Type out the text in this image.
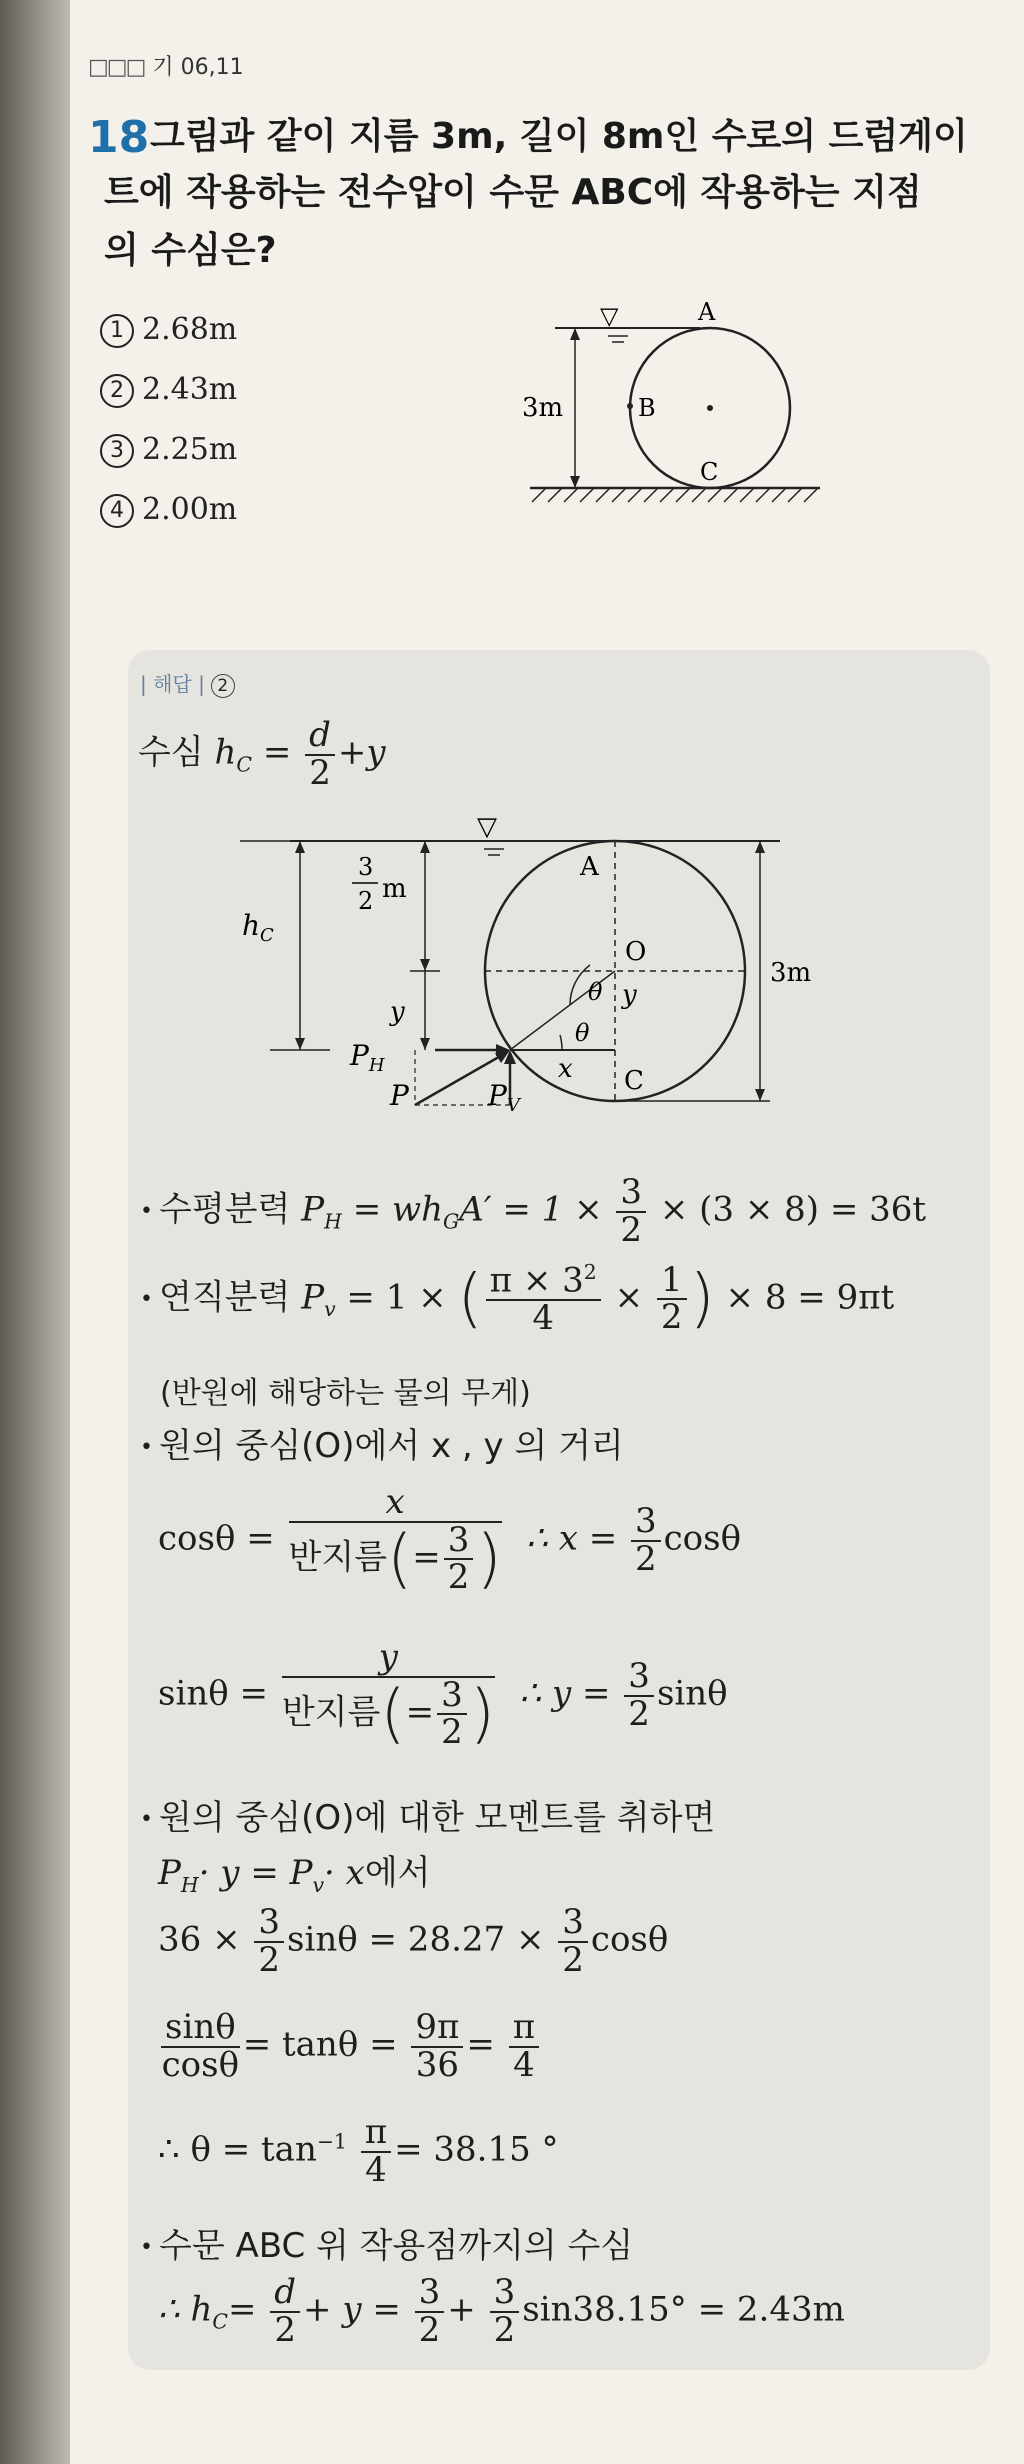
□□□ 기 06,11
18 그림과 같이 지름 3m, 길이 8m인 수로의 드럼게이
트에 작용하는 전수압이 수문 ABC에 작용하는 지점
의 수심은?
1 2.68m
2 2.43m
3 2.25m
4 2.00m
▽	A
B
C
3m
| 해답 | 2
수심 $h_C = \frac{d}{2} +y$
▽
$h_C$
3
2 m
y
$P_H$
P	$P_V$
A
O
θ y
θ
x C
3m
• 수평분력 $P_H = wh_GA' = 1 \times \frac{3}{2} \times (3 \times 8) = 36t$
• 연직분력 $P_v = 1$ × ( $\frac{\pi \times 3^2}{4} \times \frac{1}{2}$ ) × 8 = 9πt
(반원에 해당하는 물의 무게)
• 원의 중심(O)에서 x , y 의 거리
$\cos\theta = \frac{x}{반지름(= \frac{3}{2} )}$ ∴ $x = \frac{3}{2}$ cosθ
$\sin\theta = \frac{y}{반지름(= \frac{3}{2} )}$ ∴ $y = \frac{3}{2}$ sinθ
• 원의 중심(O)에 대한 모멘트를 취하면
$P_H\cdot y = P_v\cdot x$에서
$36 \times \frac{3}{2}$ $\sin\theta = 28.27 \times \frac{3}{2}$ cosθ
$\frac{\sin\theta}{\cos\theta} = \tan\theta = \frac{9\pi}{36} = \frac{\pi}{4}$
∴ $\theta = \tan^{-1} \frac{\pi}{4} = 38.15$ °
• 수문 ABC 위 작용점까지의 수심
∴ $h_C= \frac{d}{2} + y = \frac{3}{2} + \frac{3}{2} \sin 38.15^\circ = 2.43m$
